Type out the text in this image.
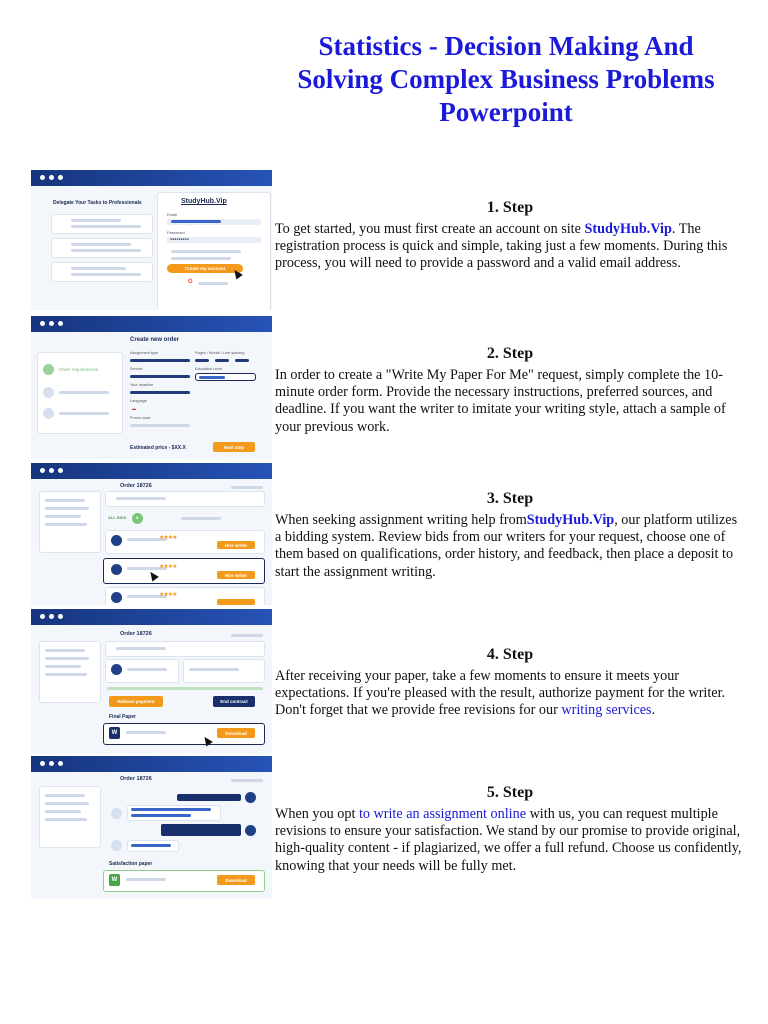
Statistics - Decision Making And Solving Complex Business Problems Powerpoint
Delegate Your Tasks to Professionals	StudyHub.Vip
Email
Password
●●●●●●●●●
Create my account
G
1. Step

To get started, you must first create an account on site StudyHub.Vip. The registration process is quick and simple, taking just a few moments. During this process, you will need to provide a password and a valid email address.

Order requirements
Create new order
Assignment type	Pages / Words / Line spacing
Service	Education Level
Your deadline
Language
▬
Promo code
Estimated price - $XX.X	Next step
2. Step

In order to create a "Write My Paper For Me" request, simply complete the 10-minute order form. Provide the necessary instructions, preferred sources, and deadline. If you want the writer to imitate your writing style, attach a sample of your previous work.

Order 18726
ALL BIDS 9
★★★★
Hire writer
★★★★
Hire writer
★★★★
3. Step

When seeking assignment writing help fromStudyHub.Vip, our platform utilizes a bidding system. Review bids from our writers for your request, choose one of them based on qualifications, order history, and feedback, then place a deposit to start the assignment writing.

Order 18726
Release payment	End contract
Final Paper
W	Download
4. Step

After receiving your paper, take a few moments to ensure it meets your expectations. If you're pleased with the result, authorize payment for the writer. Don't forget that we provide free revisions for our writing services.

Order 18726
Satisfaction paper
W	Download
5. Step

When you opt to write an assignment online with us, you can request multiple revisions to ensure your satisfaction. We stand by our promise to provide original, high-quality content - if plagiarized, we offer a full refund. Choose us confidently, knowing that your needs will be fully met.
